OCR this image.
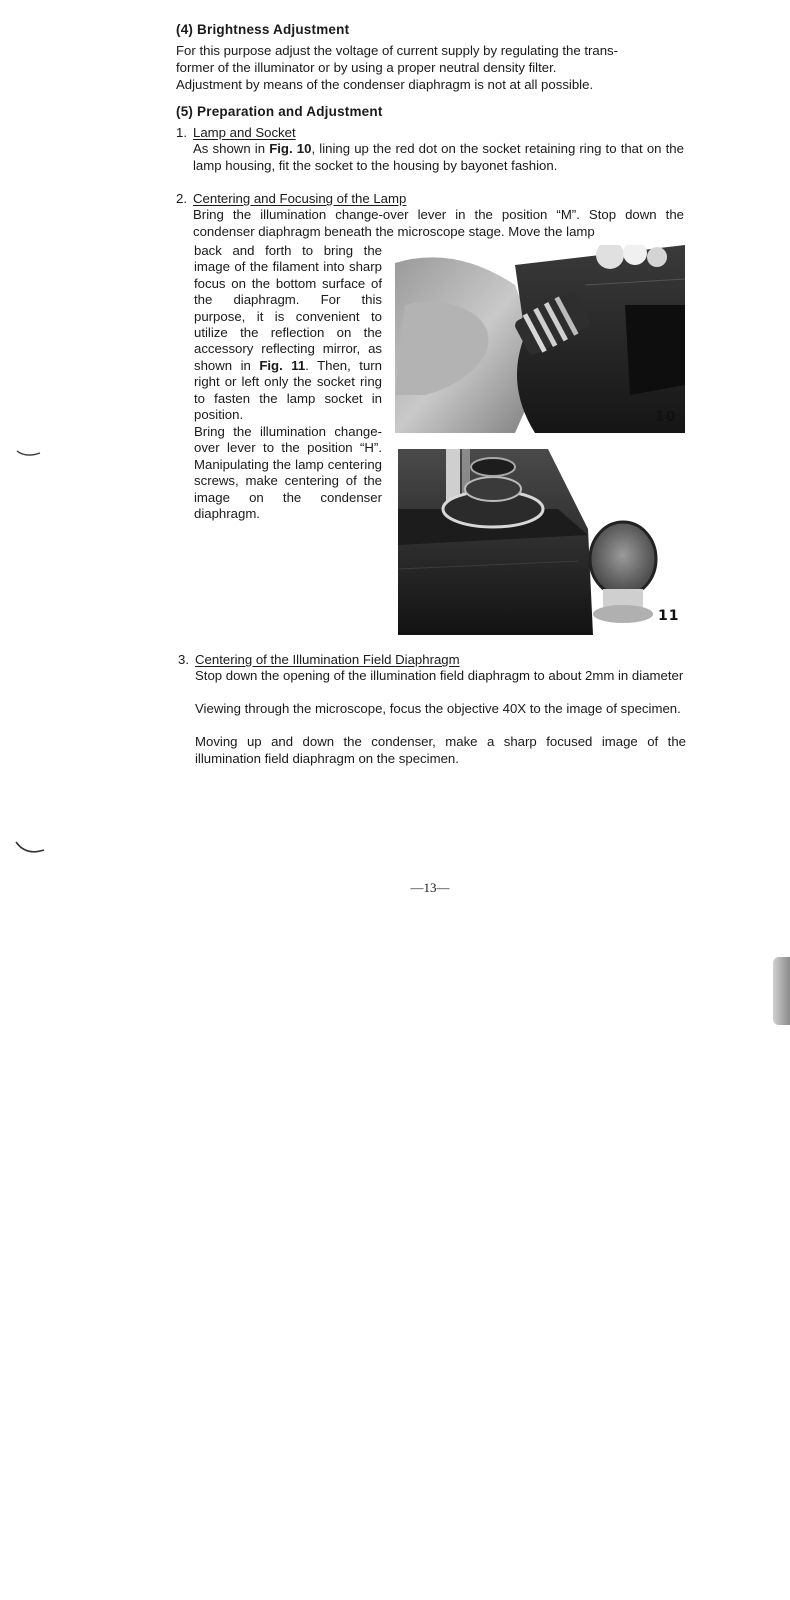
(4) Brightness Adjustment

For this purpose adjust the voltage of current supply by regulating the trans-

former of the illuminator or by using a proper neutral density filter.

Adjustment by means of the condenser diaphragm is not at all possible.

(5) Preparation and Adjustment

1. Lamp and Socket

As shown in Fig. 10, lining up the red dot on the socket retaining ring to that on the lamp housing, fit the socket to the housing by bayonet fashion.

2. Centering and Focusing of the Lamp

Bring the illumination change-over lever in the position “M”. Stop down the condenser diaphragm beneath the microscope stage. Move the lamp

back and forth to bring the image of the filament into sharp focus on the bottom surface of the diaphragm. For this purpose, it is convenient to utilize the reflection on the accessory reflecting mirror, as shown in Fig. 11. Then, turn right or left only the socket ring to fasten the lamp socket in position.

Bring the illumination change-over lever to the position “H”. Manipulating the lamp centering screws, make centering of the image on the condenser diaphragm.

10
11

3. Centering of the Illumination Field Diaphragm

Stop down the opening of the illumination field diaphragm to about 2mm in diameter

Viewing through the microscope, focus the objective 40X to the image of specimen.

Moving up and down the condenser, make a sharp focused image of the illumination field diaphragm on the specimen.

—13—
